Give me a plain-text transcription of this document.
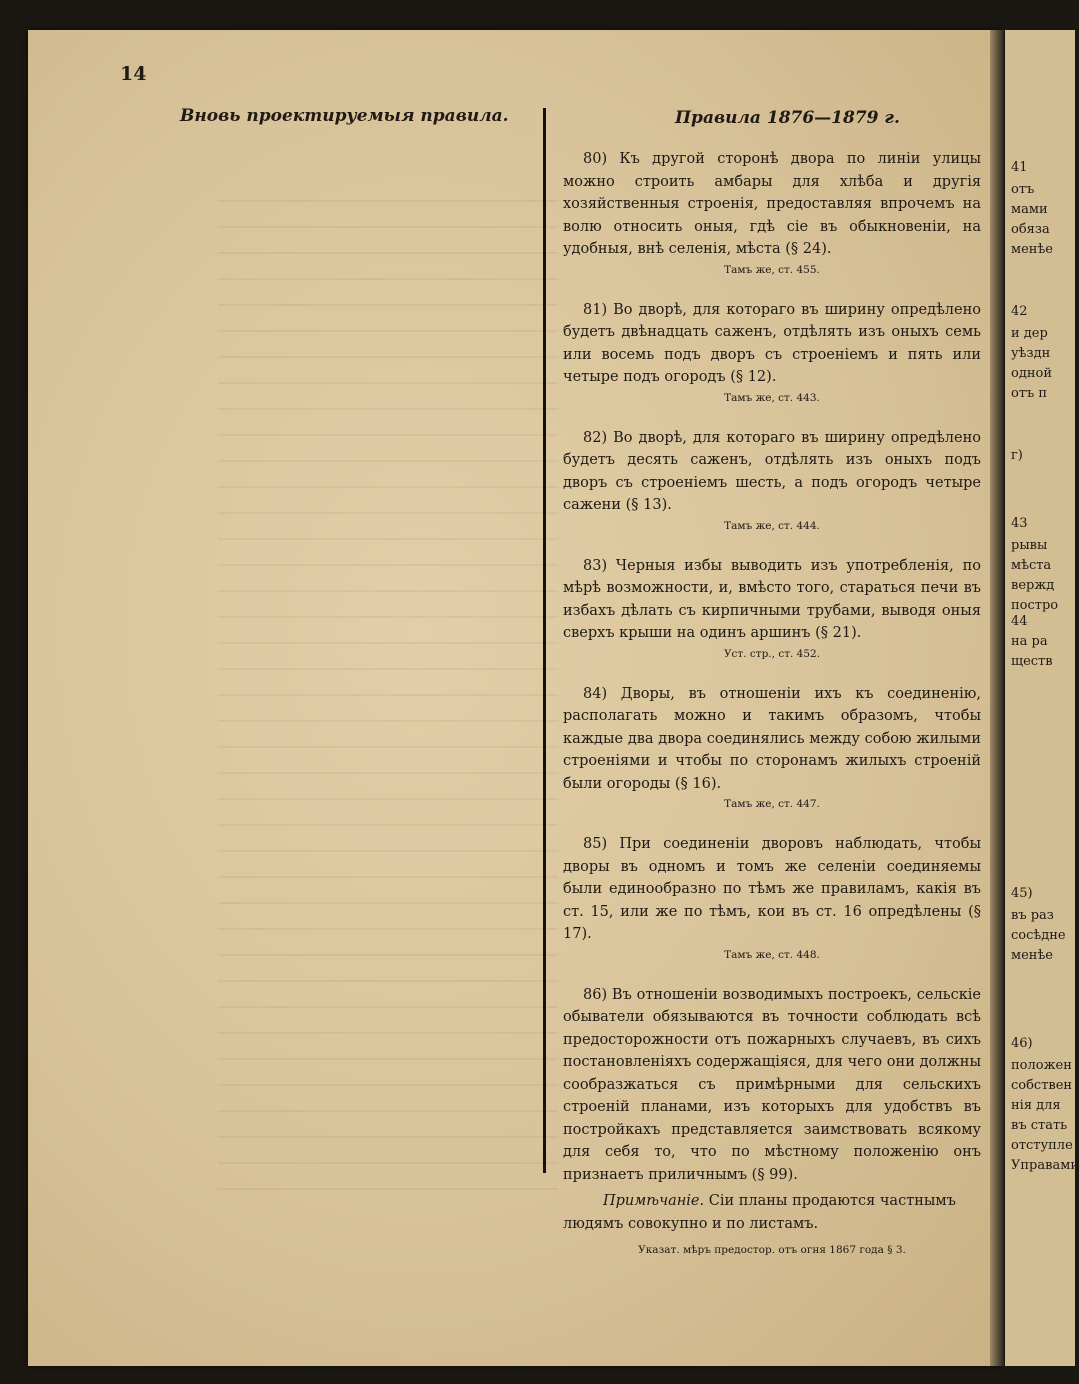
14
Вновь проектируемыя правила.	Правила 1876—1879 г.

80) Къ другой сторонѣ двора по линіи улицы можно строить амбары для хлѣба и другія хозяйственныя строенія, предоставляя впрочемъ на волю относить оныя, гдѣ сіе въ обыкновеніи, на удобныя, внѣ селенія, мѣста (§ 24).

Тамъ же, ст. 455.

81) Во дворѣ, для котораго въ ширину опредѣлено будетъ двѣнадцать саженъ, отдѣлять изъ оныхъ семь или восемь подъ дворъ съ строеніемъ и пять или четыре подъ огородъ (§ 12).

Тамъ же, ст. 443.

82) Во дворѣ, для котораго въ ширину опредѣлено будетъ десять саженъ, отдѣлять изъ оныхъ подъ дворъ съ строеніемъ шесть, а подъ огородъ четыре сажени (§ 13).

Тамъ же, ст. 444.

83) Черныя избы выводить изъ употребленія, по мѣрѣ возможности, и, вмѣсто того, стараться печи въ избахъ дѣлать съ кирпичными трубами, выводя оныя сверхъ крыши на одинъ аршинъ (§ 21).

Уст. стр., ст. 452.

84) Дворы, въ отношеніи ихъ къ соединенію, располагать можно и такимъ образомъ, чтобы каждые два двора соединялись между собою жилыми строеніями и чтобы по сторонамъ жилыхъ строеній были огороды (§ 16).

Тамъ же, ст. 447.

85) При соединеніи дворовъ наблюдать, чтобы дворы въ одномъ и томъ же селеніи соединяемы были единообразно по тѣмъ же правиламъ, какія въ ст. 15, или же по тѣмъ, кои въ ст. 16 опредѣлены (§ 17).

Тамъ же, ст. 448.

86) Въ отношеніи возводимыхъ построекъ, сельскіе обыватели обязываются въ точности соблюдать всѣ предосторожности отъ пожарныхъ случаевъ, въ сихъ постановленіяхъ содержащіяся, для чего они должны сообразжаться съ примѣрными для сельскихъ строеній планами, изъ которыхъ для удобствъ въ постройкахъ представляется заимствовать всякому для себя то, что по мѣстному положенію онъ признаетъ приличнымъ (§ 99).

Примѣчаніе. Сіи планы продаются частнымъ людямъ совокупно и по листамъ.

Указат. мѣръ предостор. отъ огня 1867 года § 3.
41
отъ
мами
обяза
менѣе
42
и дер
уѣздн
одной
отъ п
г)
43
рывы
мѣста
вержд
постро
44
на ра
ществ
45)
въ раз
сосѣдне
менѣе
46)
положен
собствен
нія для
въ стать
отступле
Управами
